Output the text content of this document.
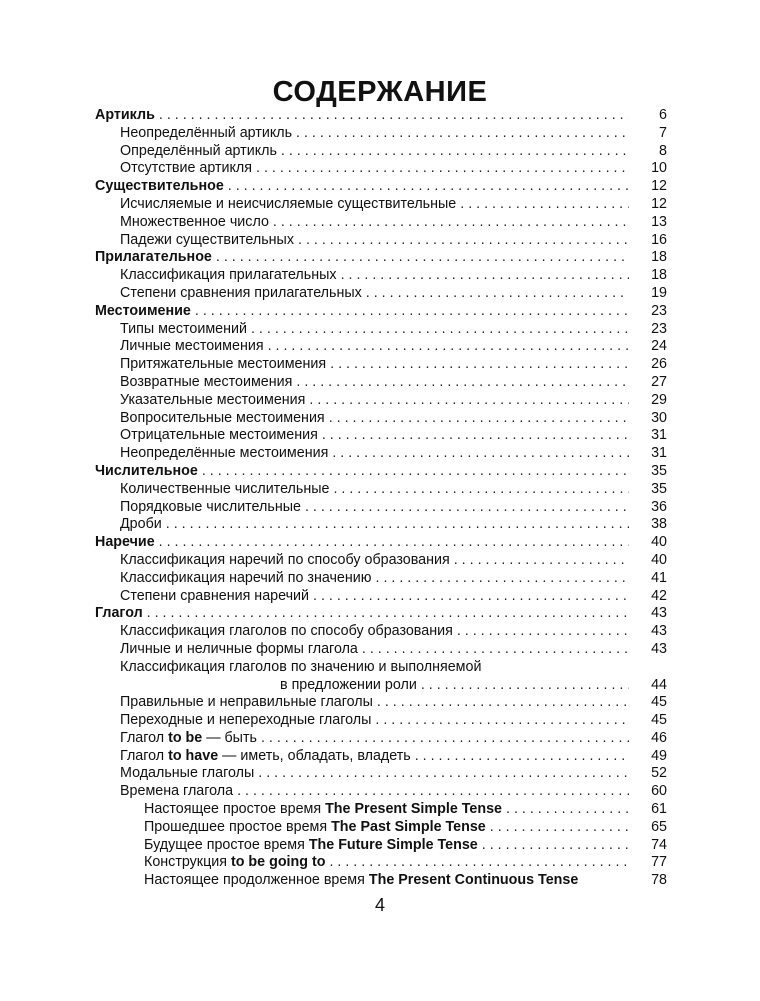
СОДЕРЖАНИЕ
Артикль . . .	6
Неопределённый артикль . . .	7
Определённый артикль . . .	8
Отсутствие артикля . . .	10
Существительное . . .	12
Исчисляемые и неисчисляемые существительные . . .	12
Множественное число . . .	13
Падежи существительных . . .	16
Прилагательное . . .	18
Классификация прилагательных . . .	18
Степени сравнения прилагательных . . .	19
Местоимение . . .	23
Типы местоимений . . .	23
Личные местоимения . . .	24
Притяжательные местоимения . . .	26
Возвратные местоимения . . .	27
Указательные местоимения . . .	29
Вопросительные местоимения . . .	30
Отрицательные местоимения . . .	31
Неопределённые местоимения . . .	31
Числительное . . .	35
Количественные числительные . . .	35
Порядковые числительные . . .	36
Дроби . . .	38
Наречие . . .	40
Классификация наречий по способу образования . . .	40
Классификация наречий по значению . . .	41
Степени сравнения наречий . . .	42
Глагол . . .	43
Классификация глаголов по способу образования . . .	43
Личные и неличные формы глагола . . .	43
Классификация глаголов по значению и выполняемой
в предложении роли . . .	44
Правильные и неправильные глаголы . . .	45
Переходные и непереходные глаголы . . .	45
Глагол to be — быть . . .	46
Глагол to have — иметь, обладать, владеть . . .	49
Модальные глаголы . . .	52
Времена глагола . . .	60
Настоящее простое время The Present Simple Tense . . .	61
Прошедшее простое время The Past Simple Tense . . .	65
Будущее простое время The Future Simple Tense . . .	74
Конструкция to be going to . . .	77
Настоящее продолженное время The Present Continuous Tense	78
4
